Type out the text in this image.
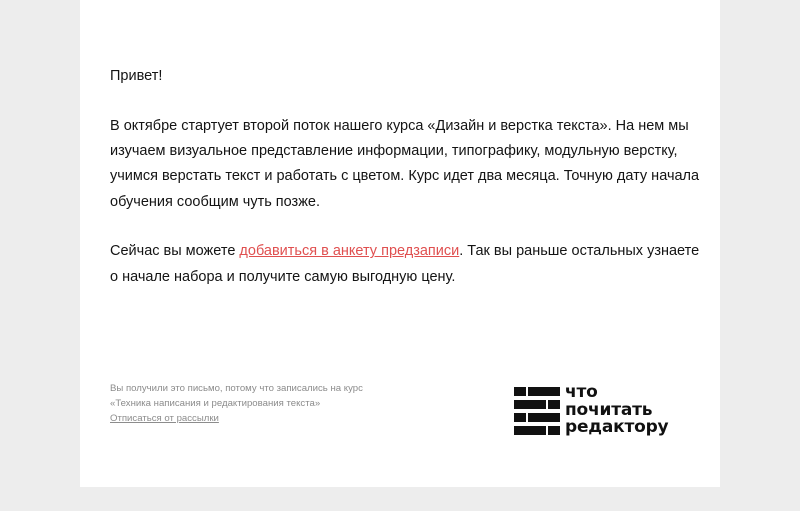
Привет!

В октябре стартует второй поток нашего курса «Дизайн и верстка текста». На нем мы изучаем визуальное представление информации, типографику, модульную верстку, учимся верстать текст и работать с цветом. Курс идет два месяца. Точную дату начала обучения сообщим чуть позже.

Сейчас вы можете добавиться в анкету предзаписи. Так вы раньше остальных узнаете о начале набора и получите самую выгодную цену.

Вы получили это письмо, потому что записались на курс
«Техника написания и редактирования текста»
Отписаться от рассылки
что
почитать
редактору
